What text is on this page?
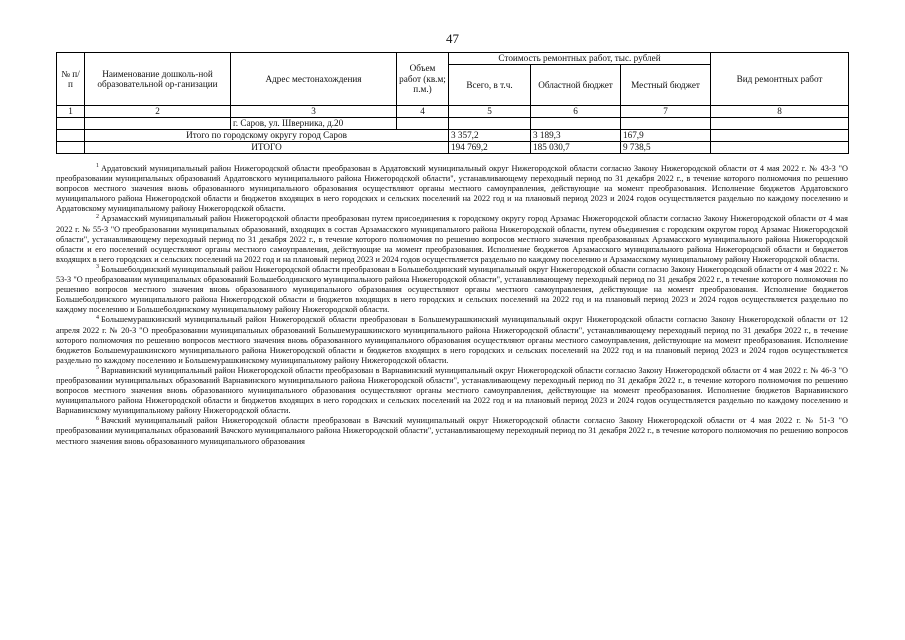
47
№ п/п	Наименование дошколь-ной образовательной ор-ганизации	Адрес местонахождения	Объем работ (кв.м; п.м.)	Стоимость ремонтных работ, тыс. рублей			Вид ремонтных работ
				Всего, в т.ч.	Областной бюджет	Местный бюджет	
1	2	3	4	5	6	7	8
		г. Саров, ул. Шверника, д.20					
	Итого по городскому округу город Саров			3 357,2	3 189,3	167,9	
	ИТОГО			194 769,2	185 030,7	9 738,5	

$^1$ Ардатовский муниципальный район Нижегородской области преобразован в Ардатовский муниципальный округ Нижегородской области согласно Закону Нижегородской области от 4 мая 2022 г. № 43-З "О преобразовании муниципальных образований Ардатовского муниципального района Нижегородской области", устанавливающему переходный период по 31 декабря 2022 г., в течение которого полномочия по решению вопросов местного значения вновь образованного муниципального образования осуществляют органы местного самоуправления, действующие на момент преобразования. Исполнение бюджетов Ардатовского муниципального района Нижегородской области и бюджетов входящих в него городских и сельских поселений на 2022 год и на плановый период 2023 и 2024 годов осуществляется раздельно по каждому поселению и Ардатовскому муниципальному району Нижегородской области.

$^2$ Арзамасский муниципальный район Нижегородской области преобразован путем присоединения к городскому округу город Арзамас Нижегородской области согласно Закону Нижегородской области от 4 мая 2022 г. № 55-З "О преобразовании муниципальных образований, входящих в состав Арзамасского муниципального района Нижегородской области, путем объединения с городским округом город Арзамас Нижегородской области", устанавливающему переходный период по 31 декабря 2022 г., в течение которого полномочия по решению вопросов местного значения преобразованных Арзамасского муниципального района Нижегородской области и его поселений осуществляют органы местного самоуправления, действующие на момент преобразования. Исполнение бюджетов Арзамасского муниципального района Нижегородской области и бюджетов входящих в него городских и сельских поселений на 2022 год и на плановый период 2023 и 2024 годов осуществляется раздельно по каждому поселению и Арзамасскому муниципальному району Нижегородской области.

$^3$ Большеболдинский муниципальный район Нижегородской области преобразован в Большеболдинский муниципальный округ Нижегородской области согласно Закону Нижегородской области от 4 мая 2022 г. № 53-З "О преобразовании муниципальных образований Большеболдинского муниципального района Нижегородской области", устанавливающему переходный период по 31 декабря 2022 г., в течение которого полномочия по решению вопросов местного значения вновь образованного муниципального образования осуществляют органы местного самоуправления, действующие на момент преобразования. Исполнение бюджетов Большеболдинского муниципального района Нижегородской области и бюджетов входящих в него городских и сельских поселений на 2022 год и на плановый период 2023 и 2024 годов осуществляется раздельно по каждому поселению и Большеболдинскому муниципальному району Нижегородской области.

$^4$ Большемурашкинский муниципальный район Нижегородской области преобразован в Большемурашкинский муниципальный округ Нижегородской области согласно Закону Нижегородской области от 12 апреля 2022 г. № 20-З "О преобразовании муниципальных образований Большемурашкинского муниципального района Нижегородской области", устанавливающему переходный период по 31 декабря 2022 г., в течение которого полномочия по решению вопросов местного значения вновь образованного муниципального образования осуществляют органы местного самоуправления, действующие на момент преобразования. Исполнение бюджетов Большемурашкинского муниципального района Нижегородской области и бюджетов входящих в него городских и сельских поселений на 2022 год и на плановый период 2023 и 2024 годов осуществляется раздельно по каждому поселению и Большемурашкинскому муниципальному району Нижегородской области.

$^5$ Варнавинский муниципальный район Нижегородской области преобразован в Варнавинский муниципальный округ Нижегородской области согласно Закону Нижегородской области от 4 мая 2022 г. № 46-З "О преобразовании муниципальных образований Варнавинского муниципального района Нижегородской области", устанавливающему переходный период по 31 декабря 2022 г., в течение которого полномочия по решению вопросов местного значения вновь образованного муниципального образования осуществляют органы местного самоуправления, действующие на момент преобразования. Исполнение бюджетов Варнавинского муниципального района Нижегородской области и бюджетов входящих в него городских и сельских поселений на 2022 год и на плановый период 2023 и 2024 годов осуществляется раздельно по каждому поселению и Варнавинскому муниципальному району Нижегородской области.

$^6$ Вачский муниципальный район Нижегородской области преобразован в Вачский муниципальный округ Нижегородской области согласно Закону Нижегородской области от 4 мая 2022 г. № 51-З "О преобразовании муниципальных образований Вачского муниципального района Нижегородской области", устанавливающему переходный период по 31 декабря 2022 г., в течение которого полномочия по решению вопросов местного значения вновь образованного муниципального образования
